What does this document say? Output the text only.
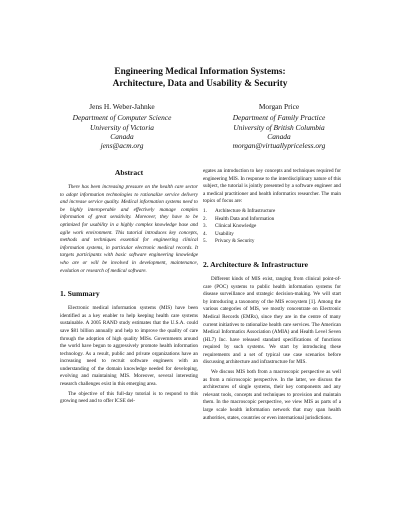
Engineering Medical Information Systems:
Architecture, Data and Usability & Security
Jens H. Weber-Jahnke
Department of Computer Science
University of Victoria
Canada
jens@acm.org
Morgan Price
Department of Family Practice
University of British Columbia
Canada
morgan@virtuallypriceless.org
Abstract

There has been increasing pressure on the health care sector to adopt information technologies to rationalize service delivery and increase service quality. Medical information systems need to be highly interoperable and effectively manage complex information of great sensitivity. Moreover, they have to be optimized for usability in a highly complex knowledge base and agile work environment. This tutorial introduces key concepts, methods and techniques essential for engineering clinical information systems, in particular electronic medical records. It targets participants with basic software engineering knowledge who are or will be involved in development, maintenance, evolution or research of medical software.

1. Summary

Electronic medical information systems (MIS) have been identified as a key enabler to help keeping health care systems sustainable. A 2005 RAND study estimates that the U.S.A. could save $81 billion annually and help to improve the quality of care through the adoption of high quality MISs. Governments around the world have begun to aggressively promote health information technology. As a result, public and private organizations have an increasing need to recruit software engineers with an understanding of the domain knowledge needed for developing, evolving and maintaining MIS. Moreover, several interesting research challenges exist in this emerging area.

The objective of this full-day tutorial is to respond to this growing need and to offer ICSE del-

egates an introduction to key concepts and techniques required for engineering MIS. In response to the interdisciplinary nature of this subject, the tutorial is jointly presented by a software engineer and a medical practitioner and health informatics researcher. The main topics of focus are:

1.	Architecture & Infrastructure
2.	Health Data and Information
3.	Clinical Knowledge
4.	Usability
5.	Privacy & Security
2. Architecture & Infrastructure

Different kinds of MIS exist, ranging from clinical point-of-care (POC) systems to public health information systems for disease surveillance and strategic decision-making. We will start by introducing a taxonomy of the MIS ecosystem [1]. Among the various categories of MIS, we mostly concentrate on Electronic Medical Records (EMRs), since they are in the centre of many current initiatives to rationalize health care services. The American Medical Informatics Association (AMIA) and Health Level Seven (HL7) Inc. have released standard specifications of functions required by such systems. We start by introducing these requirements and a set of typical use case scenarios before discussing architecture and infrastructure for MIS.

We discuss MIS both from a macroscopic perspective as well as from a microscopic perspective. In the latter, we discuss the architectures of single systems, their key components and any relevant tools, concepts and techniques to provision and maintain them. In the macroscopic perspective, we view MIS as parts of a large scale health information network that may span health authorities, states, countries or even international jurisdictions.
